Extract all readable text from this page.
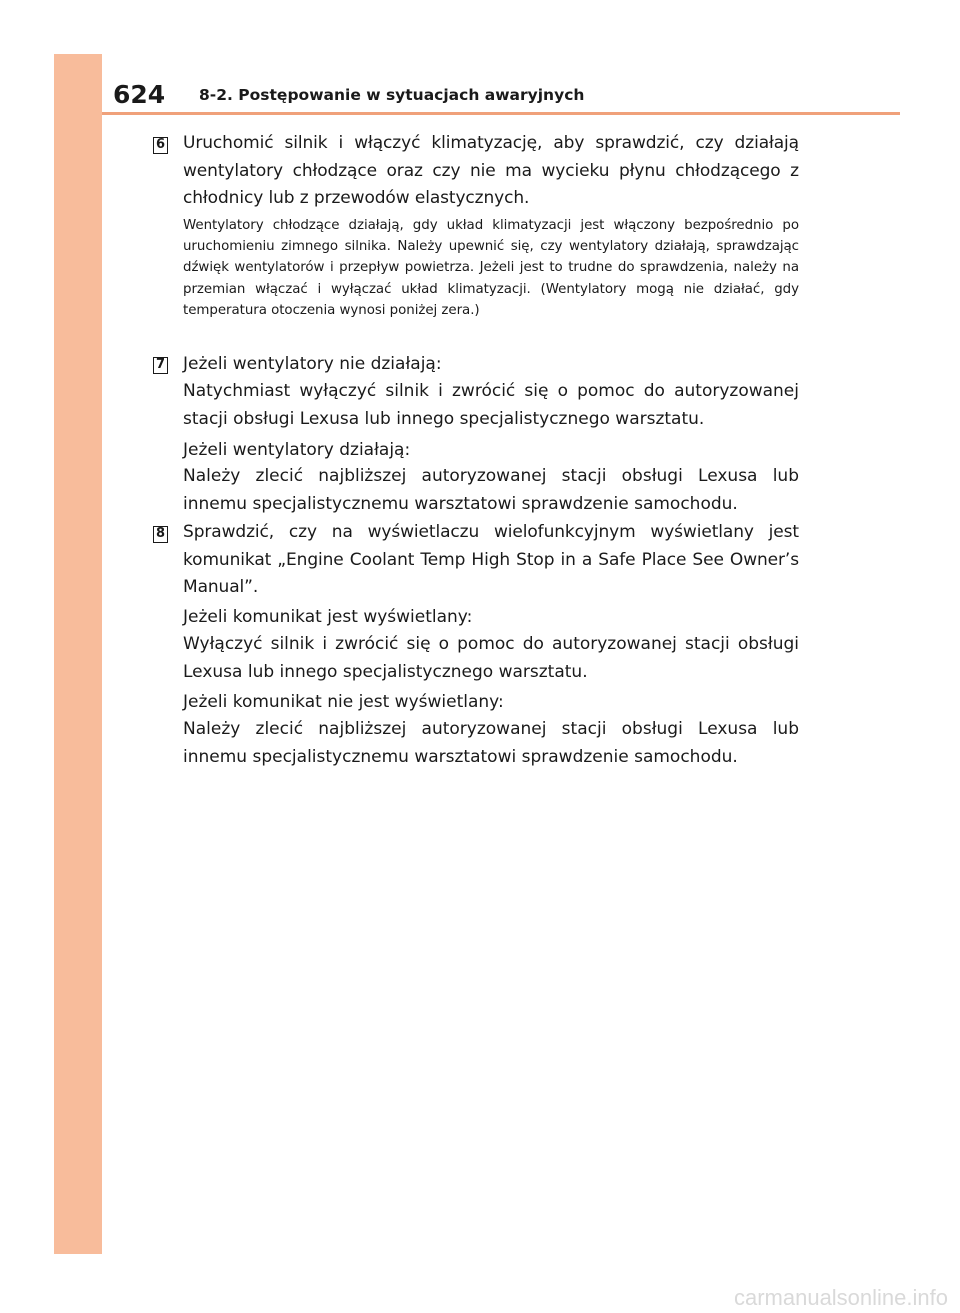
624 8-2. Postępowanie w sytuacjach awaryjnych
6 Uruchomić silnik i włączyć klimatyzację, aby sprawdzić, czy działają wentylatory chłodzące oraz czy nie ma wycieku płynu chłodzącego z chłodnicy lub z przewodów elastycznych.

Wentylatory chłodzące działają, gdy układ klimatyzacji jest włączony bezpośrednio po uruchomieniu zimnego silnika. Należy upewnić się, czy wentylatory działają, sprawdzając dźwięk wentylatorów i przepływ powietrza. Jeżeli jest to trudne do sprawdzenia, należy na przemian włączać i wyłączać układ klimatyzacji. (Wentylatory mogą nie działać, gdy temperatura otoczenia wynosi poniżej zera.)

7 Jeżeli wentylatory nie działają:

Natychmiast wyłączyć silnik i zwrócić się o pomoc do autoryzowanej stacji obsługi Lexusa lub innego specjalistycznego warsztatu.

Jeżeli wentylatory działają:

Należy zlecić najbliższej autoryzowanej stacji obsługi Lexusa lub innemu specjalistycznemu warsztatowi sprawdzenie samochodu.

8 Sprawdzić, czy na wyświetlaczu wielofunkcyjnym wyświetlany jest komunikat „Engine Coolant Temp High Stop in a Safe Place See Owner’s Manual”.

Jeżeli komunikat jest wyświetlany:

Wyłączyć silnik i zwrócić się o pomoc do autoryzowanej stacji obsługi Lexusa lub innego specjalistycznego warsztatu.

Jeżeli komunikat nie jest wyświetlany:

Należy zlecić najbliższej autoryzowanej stacji obsługi Lexusa lub innemu specjalistycznemu warsztatowi sprawdzenie samochodu.

carmanualsonline.info
